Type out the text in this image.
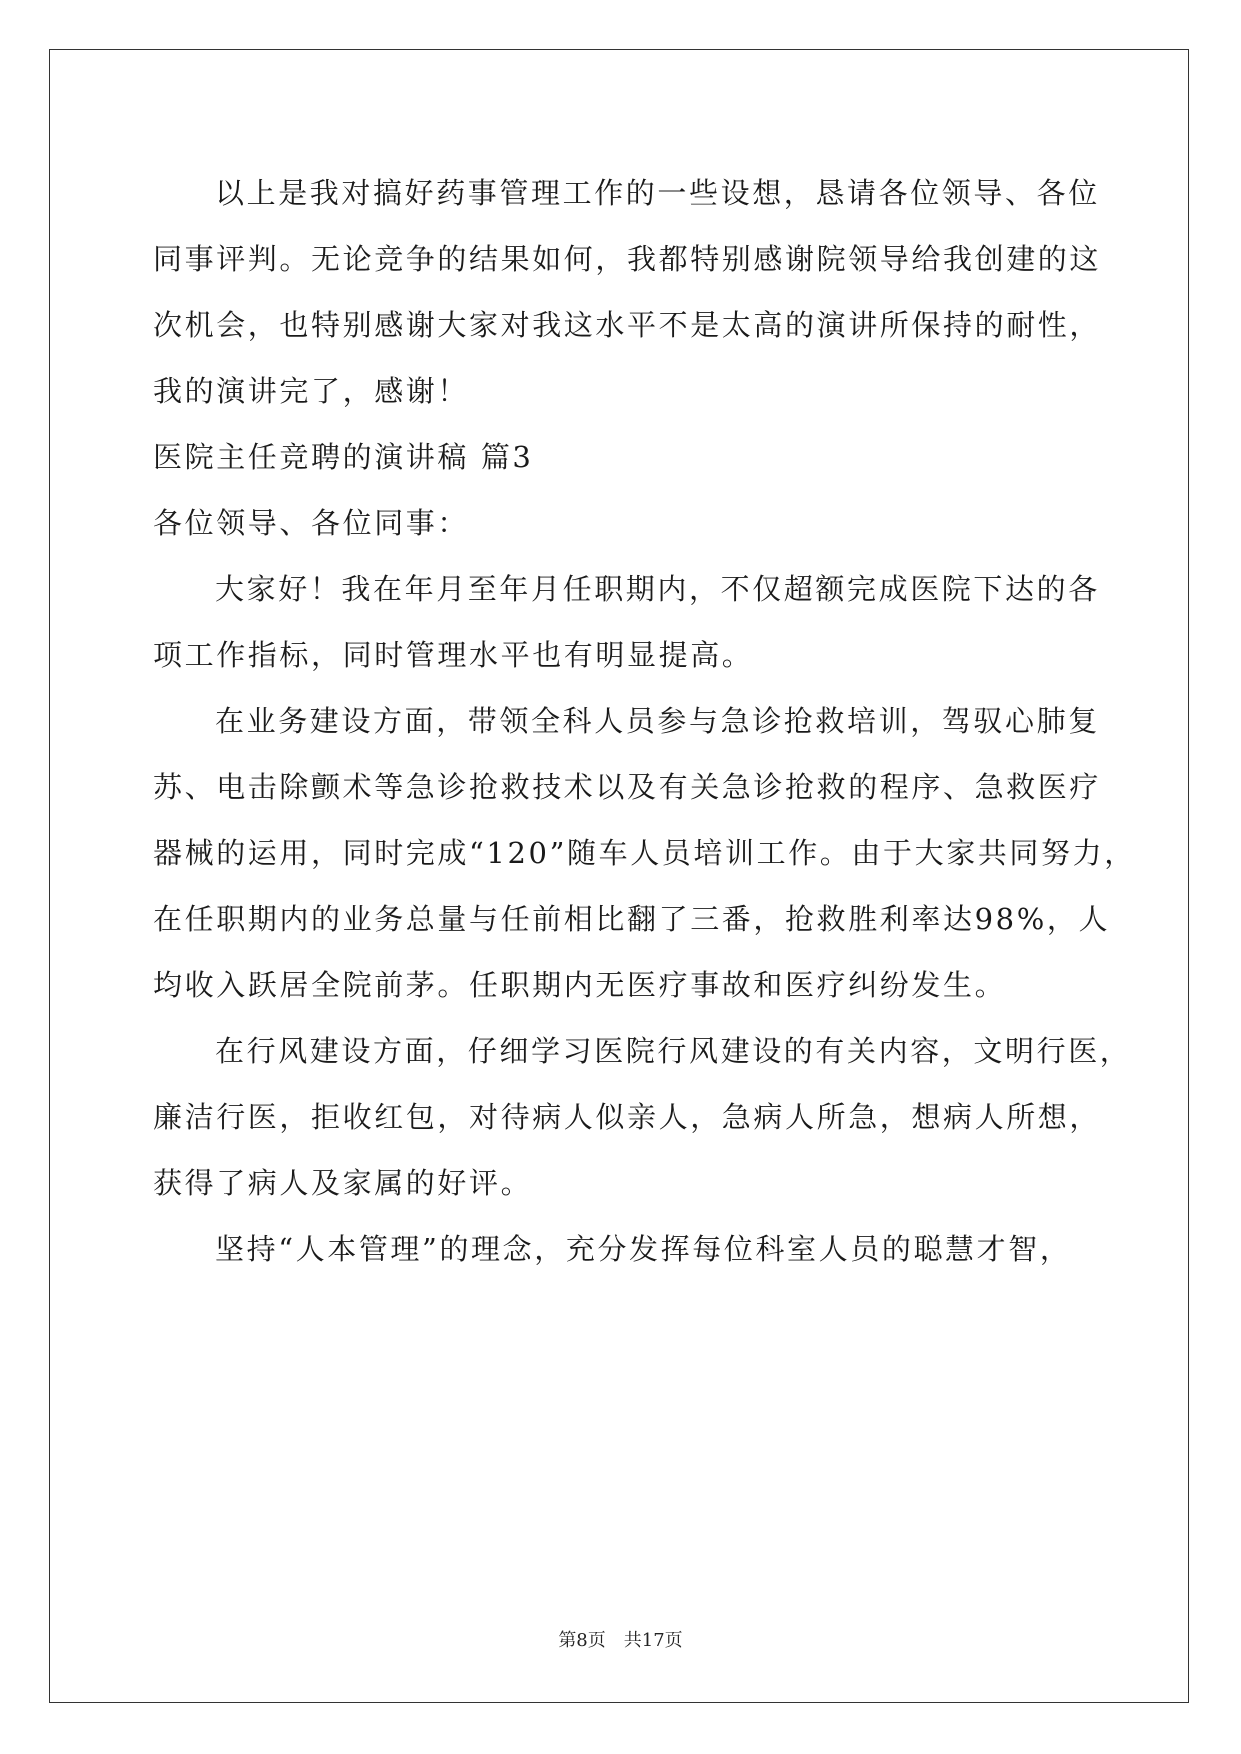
以上是我对搞好药事管理工作的一些设想，恳请各位领导、各位
同事评判。无论竞争的结果如何，我都特别感谢院领导给我创建的这
次机会，也特别感谢大家对我这水平不是太高的演讲所保持的耐性，
我的演讲完了，感谢！
医院主任竞聘的演讲稿 篇3
各位领导、各位同事：
大家好！我在年月至年月任职期内，不仅超额完成医院下达的各
项工作指标，同时管理水平也有明显提高。
在业务建设方面，带领全科人员参与急诊抢救培训，驾驭心肺复
苏、电击除颤术等急诊抢救技术以及有关急诊抢救的程序、急救医疗
器械的运用，同时完成“120”随车人员培训工作。由于大家共同努力，
在任职期内的业务总量与任前相比翻了三番，抢救胜利率达98%，人
均收入跃居全院前茅。任职期内无医疗事故和医疗纠纷发生。
在行风建设方面，仔细学习医院行风建设的有关内容，文明行医，
廉洁行医，拒收红包，对待病人似亲人，急病人所急，想病人所想，
获得了病人及家属的好评。
坚持“人本管理”的理念，充分发挥每位科室人员的聪慧才智，
第8页　共17页
